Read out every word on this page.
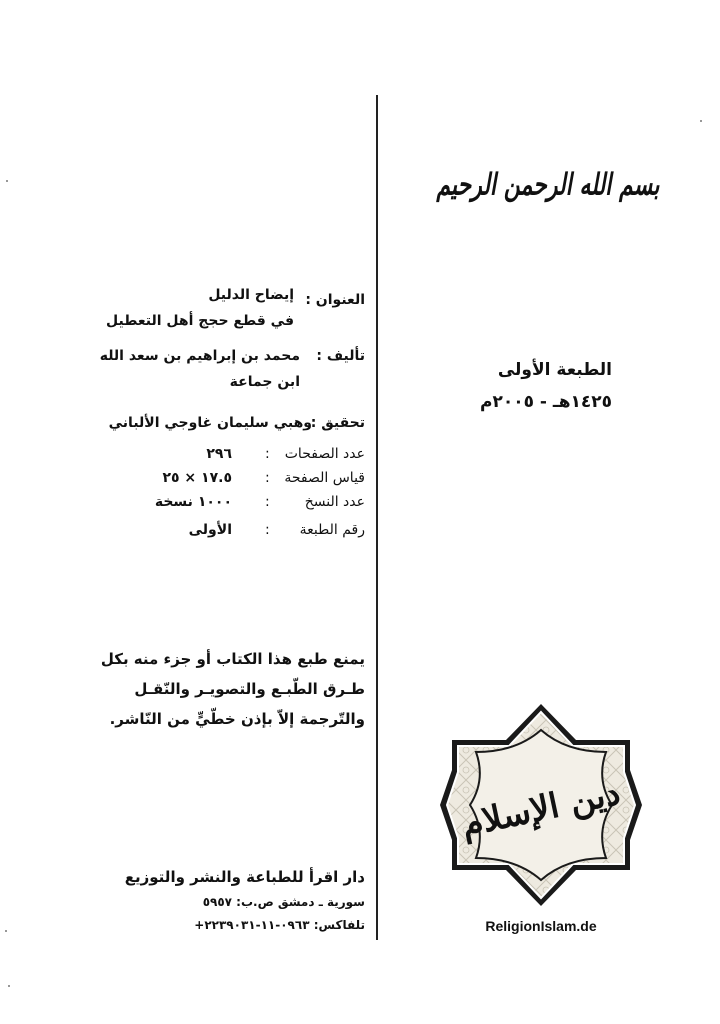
بسم الله الرحمن الرحيم
الطبعة الأولى
١٤٢٥هـ - ٢٠٠٥م
العنوان :
إيضاح الدليل
في قطع حجج أهل التعطيل
تأليف :
محمد بن إبراهيم بن سعد الله
ابن جماعة
تحقيق :
وهبي سليمان غاوجي الألباني
عدد الصفحات
:
٢٩٦
قياس الصفحة
:
١٧.٥ × ٢٥
عدد النسخ
:
١٠٠٠ نسخة
رقم الطبعة
:
الأولى
يمنع طبع هذا الكتاب أو جزء منه بكل
طـرق الطّبـع والتصويـر والنّقـل
والتّرجمة إلاّ بإذن خطّيٍّ من النّاشر.
دار اقرأ للطباعة والنشر والتوزيع
سورية ـ دمشق ص.ب: ٥٩٥٧
تلفاكس: ٠٩٦٣-١١-٢٢٣٩٠٣١+
دين الإسلام
ReligionIslam.de
